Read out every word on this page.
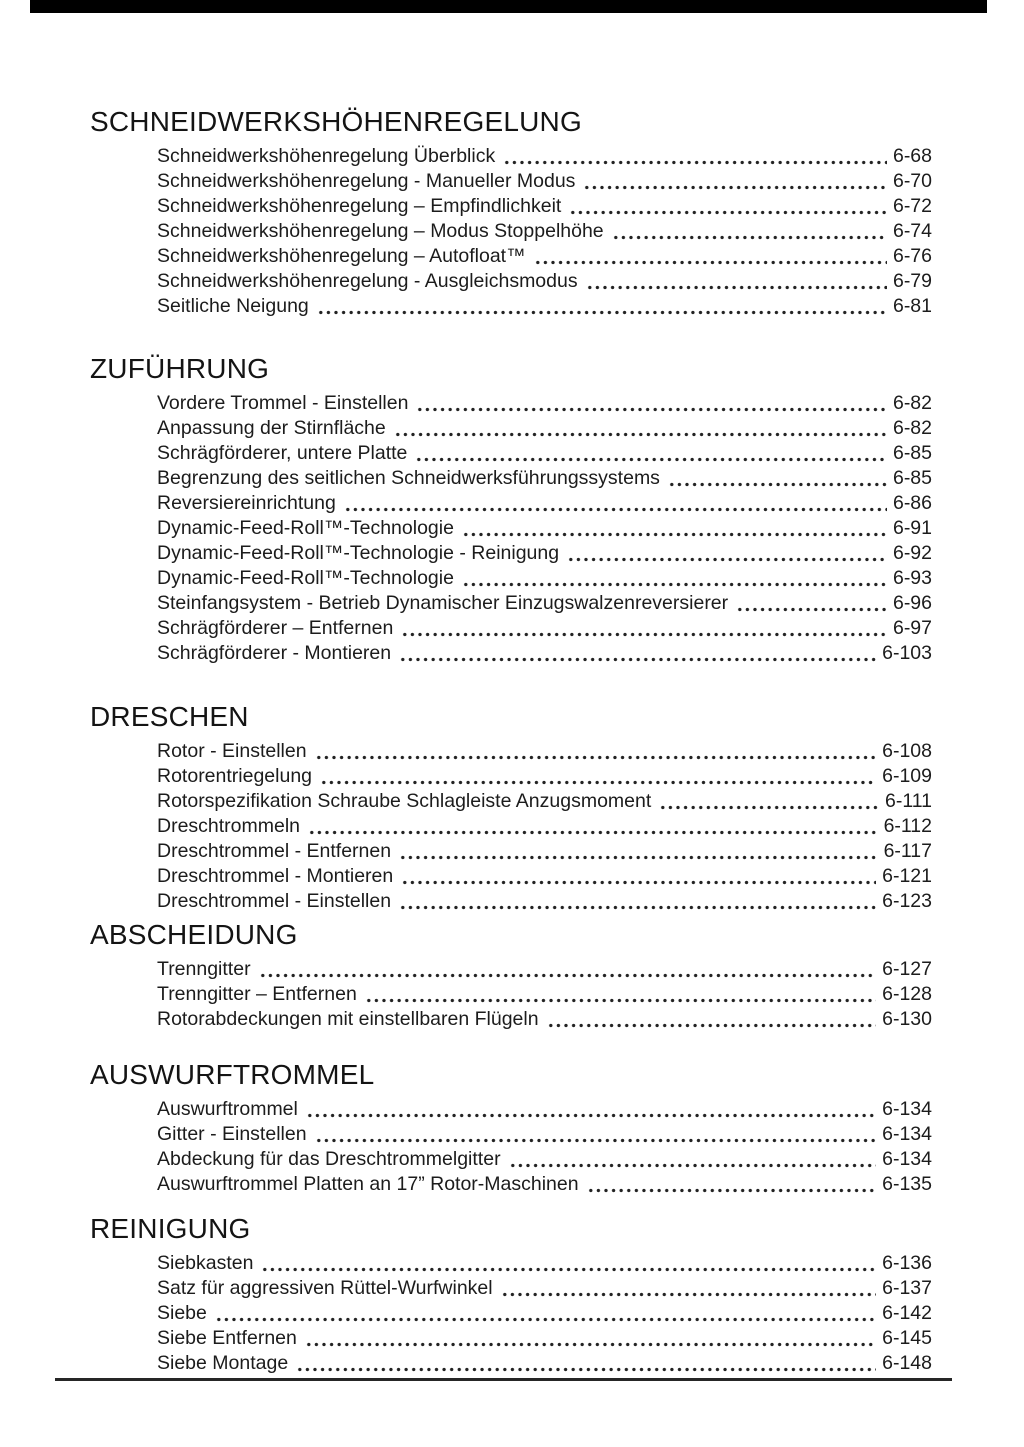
SCHNEIDWERKSHÖHENREGELUNG
Schneidwerkshöhenregelung Überblick	6-68
Schneidwerkshöhenregelung - Manueller Modus	6-70
Schneidwerkshöhenregelung – Empfindlichkeit	6-72
Schneidwerkshöhenregelung – Modus Stoppelhöhe	6-74
Schneidwerkshöhenregelung – Autofloat™	6-76
Schneidwerkshöhenregelung - Ausgleichsmodus	6-79
Seitliche Neigung	6-81
ZUFÜHRUNG
Vordere Trommel - Einstellen	6-82
Anpassung der Stirnfläche	6-82
Schrägförderer, untere Platte	6-85
Begrenzung des seitlichen Schneidwerksführungssystems	6-85
Reversiereinrichtung	6-86
Dynamic-Feed-Roll™-Technologie	6-91
Dynamic-Feed-Roll™-Technologie - Reinigung	6-92
Dynamic-Feed-Roll™-Technologie	6-93
Steinfangsystem - Betrieb Dynamischer Einzugswalzenreversierer	6-96
Schrägförderer – Entfernen	6-97
Schrägförderer - Montieren	6-103
DRESCHEN
Rotor - Einstellen	6-108
Rotorentriegelung	6-109
Rotorspezifikation Schraube Schlagleiste Anzugsmoment	6-111
Dreschtrommeln	6-112
Dreschtrommel - Entfernen	6-117
Dreschtrommel - Montieren	6-121
Dreschtrommel - Einstellen	6-123
ABSCHEIDUNG
Trenngitter	6-127
Trenngitter – Entfernen	6-128
Rotorabdeckungen mit einstellbaren Flügeln	6-130
AUSWURFTROMMEL
Auswurftrommel	6-134
Gitter - Einstellen	6-134
Abdeckung für das Dreschtrommelgitter	6-134
Auswurftrommel Platten an 17” Rotor-Maschinen	6-135
REINIGUNG
Siebkasten	6-136
Satz für aggressiven Rüttel-Wurfwinkel	6-137
Siebe	6-142
Siebe Entfernen	6-145
Siebe Montage	6-148
